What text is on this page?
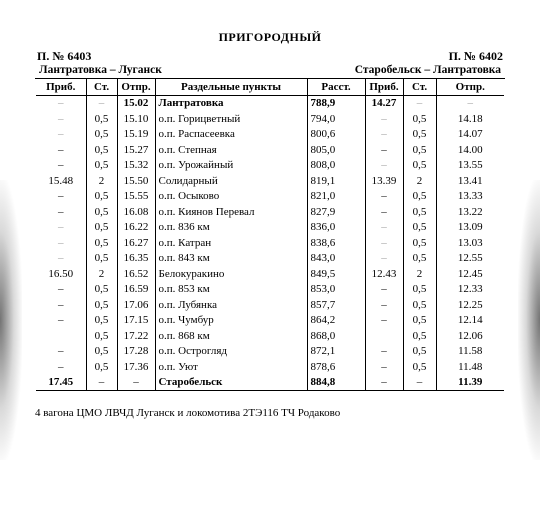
ПРИГОРОДНЫЙ
П. № 6403	П. № 6402
Лантратовка – Луганск	Старобельск – Лантратовка
Приб.	Ст.	Отпр.	Раздельные пункты	Расст.	Приб.	Ст.	Отпр.
–	–	15.02	Лантратовка	788,9	14.27	–	–
–	0,5	15.10	о.п. Горицветный	794,0	–	0,5	14.18
–	0,5	15.19	о.п. Распасеевка	800,6	–	0,5	14.07
–	0,5	15.27	о.п. Степная	805,0	–	0,5	14.00
–	0,5	15.32	о.п. Урожайный	808,0	–	0,5	13.55
15.48	2	15.50	Солидарный	819,1	13.39	2	13.41
–	0,5	15.55	о.п. Осыково	821,0	–	0,5	13.33
–	0,5	16.08	о.п. Киянов Перевал	827,9	–	0,5	13.22
–	0,5	16.22	о.п. 836 км	836,0	–	0,5	13.09
–	0,5	16.27	о.п. Катран	838,6	–	0,5	13.03
–	0,5	16.35	о.п. 843 км	843,0	–	0,5	12.55
16.50	2	16.52	Белокуракино	849,5	12.43	2	12.45
–	0,5	16.59	о.п. 853 км	853,0	–	0,5	12.33
–	0,5	17.06	о.п. Лубянка	857,7	–	0,5	12.25
–	0,5	17.15	о.п. Чумбур	864,2	–	0,5	12.14
	0,5	17.22	о.п. 868 км	868,0		0,5	12.06
–	0,5	17.28	о.п. Острогляд	872,1	–	0,5	11.58
–	0,5	17.36	о.п. Уют	878,6	–	0,5	11.48
17.45	–	–	Старобельск	884,8	–	–	11.39
4 вагона ЦМО ЛВЧД Луганск и локомотива 2ТЭ116 ТЧ Родаково
